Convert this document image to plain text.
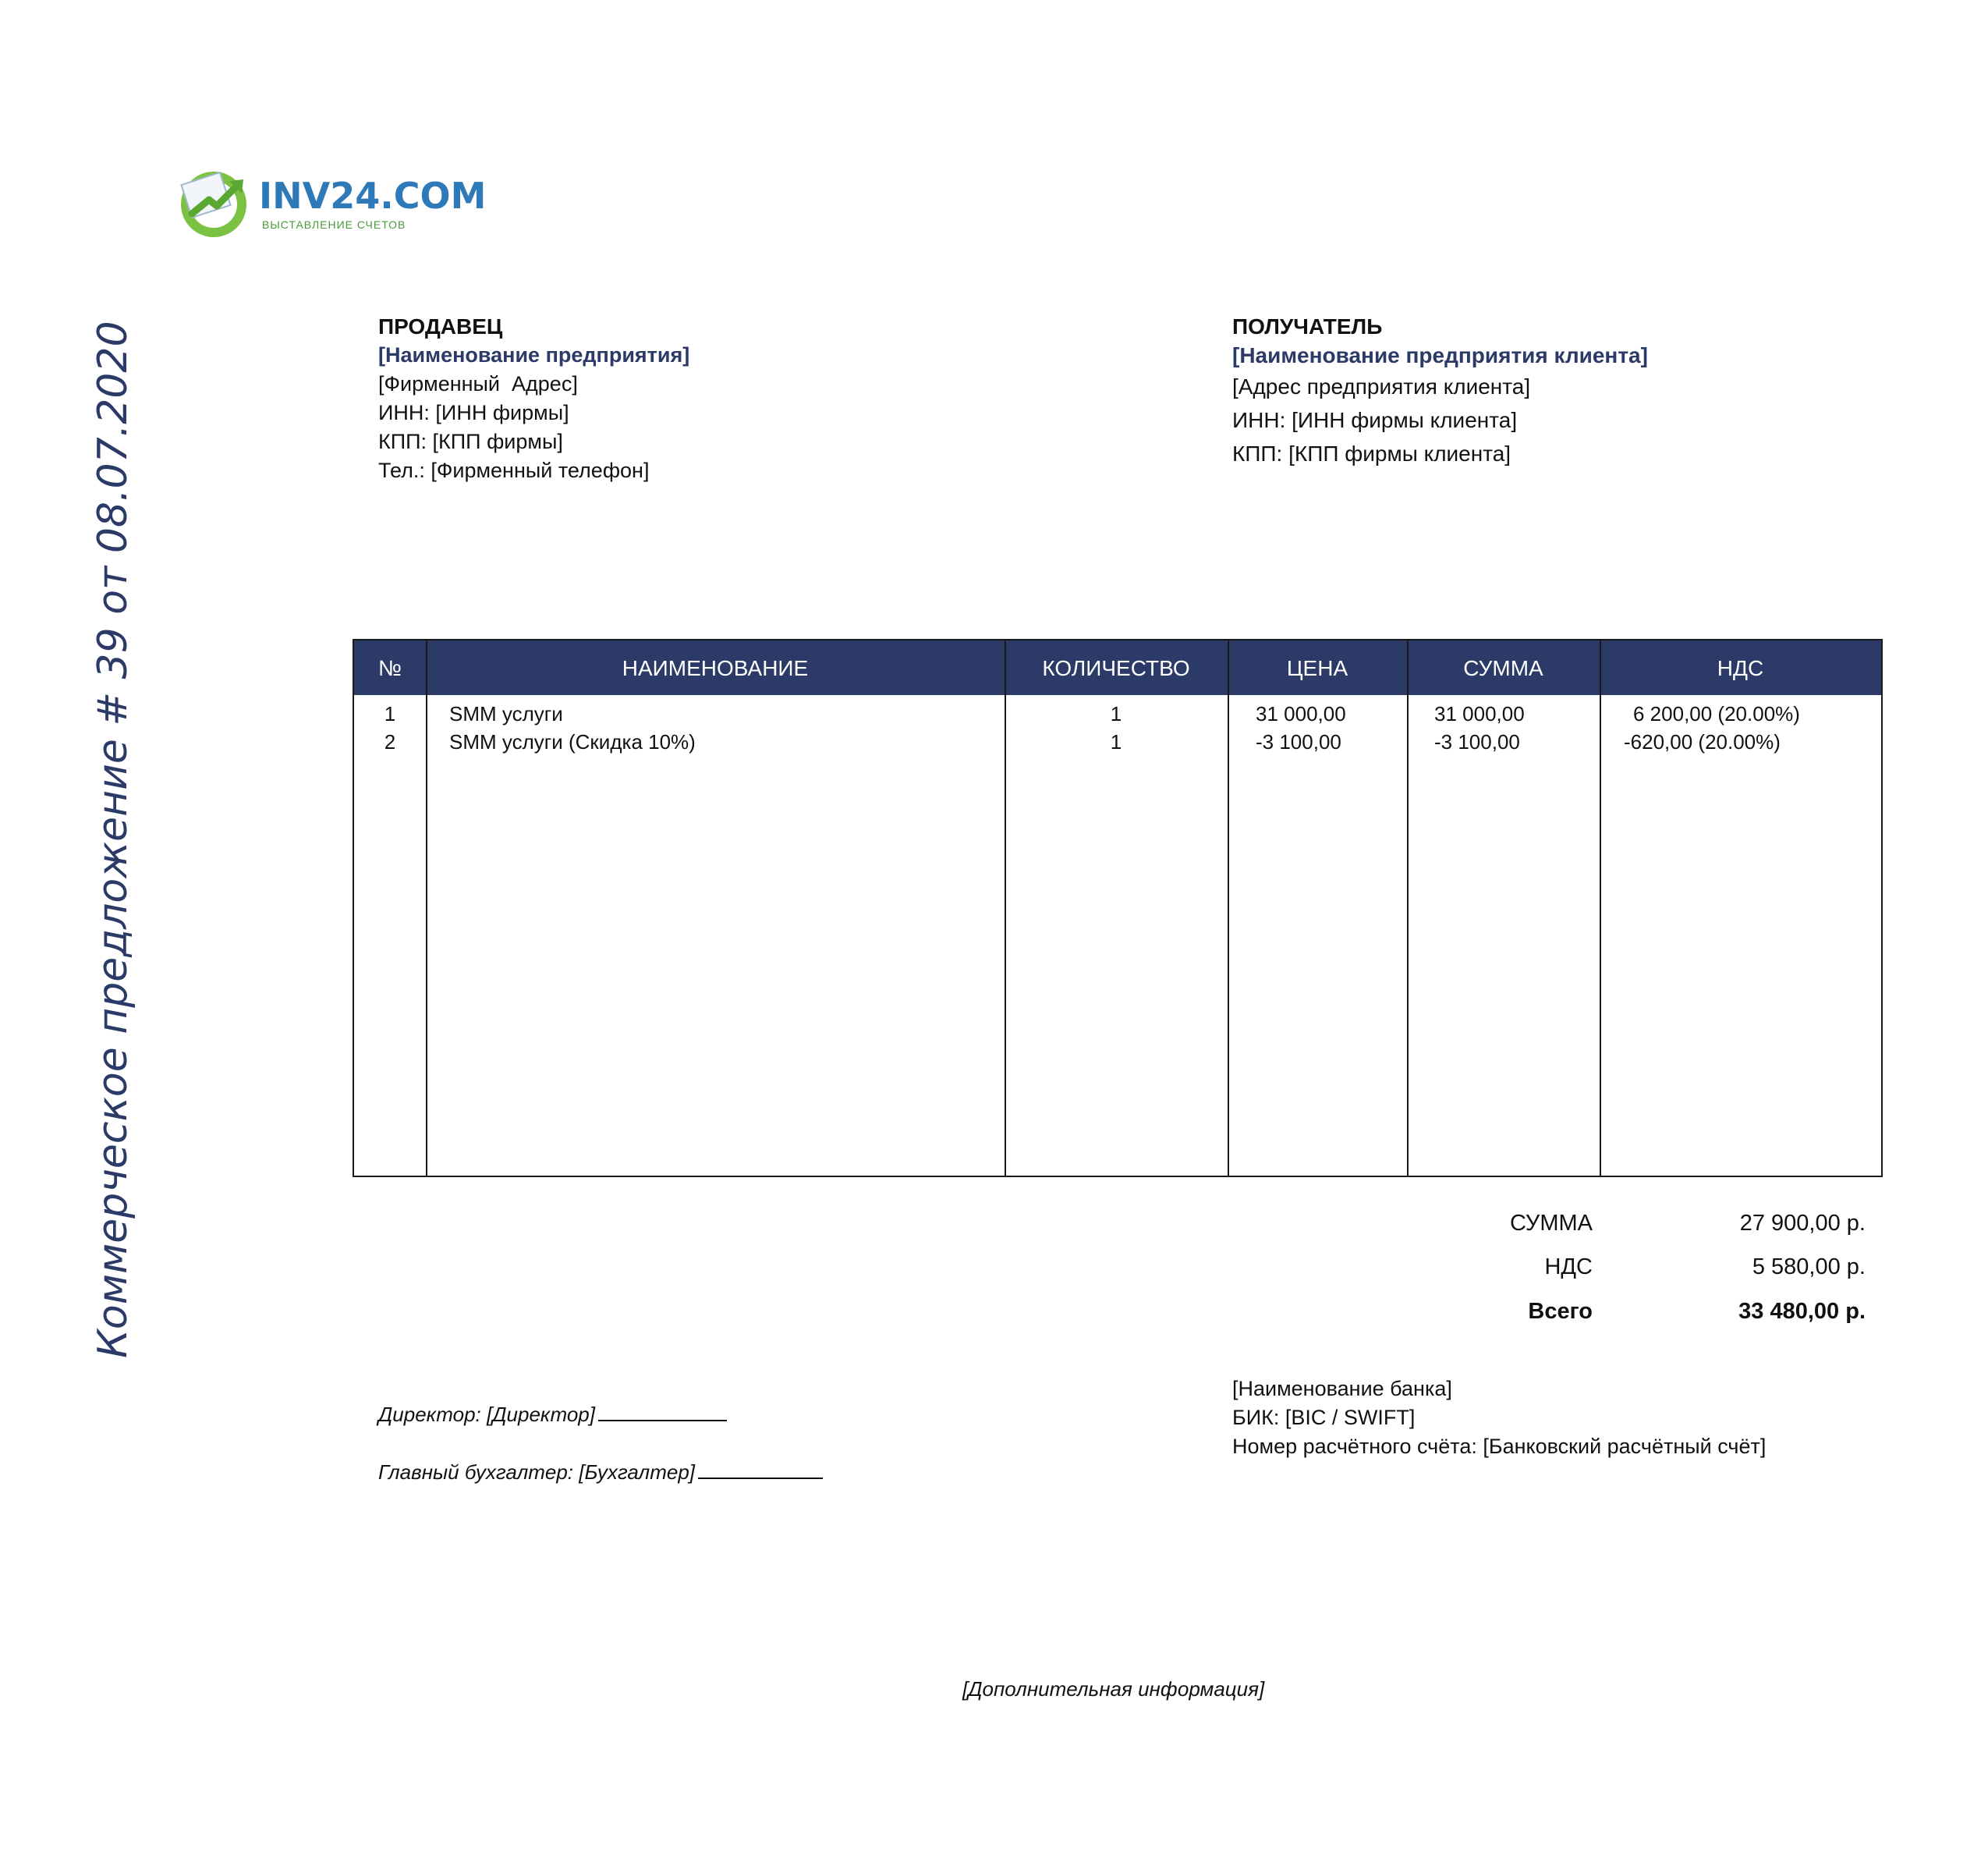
INV24.COM
ВЫСТАВЛЕНИЕ СЧЕТОВ
ПРОДАВЕЦ
[Наименование предприятия]
[Фирменный  Адрес]
ИНН: [ИНН фирмы]
КПП: [КПП фирмы]
Тел.: [Фирменный телефон]
ПОЛУЧАТЕЛЬ
[Наименование предприятия клиента]
[Адрес предприятия клиента]
ИНН: [ИНН фирмы клиента]
КПП: [КПП фирмы клиента]
Коммерческое предложение # 39 от 08.07.2020	№	НАИМЕНОВАНИЕ	КОЛИЧЕСТВО	ЦЕНА	СУММА	НДС
1	SMM услуги	1	31 000,00	31 000,00	6 200,00 (20.00%)
2	SMM услуги (Скидка 10%)	1	-3 100,00	-3 100,00	-620,00 (20.00%)
СУММА	27 900,00 р.
НДС	5 580,00 р.
Всего	33 480,00 р.
Директор: [Директор]
Главный бухгалтер: [Бухгалтер]
[Наименование банка]
БИК: [BIC / SWIFT]
Номер расчётного счёта: [Банковский расчётный счёт]
[Дополнительная информация]
